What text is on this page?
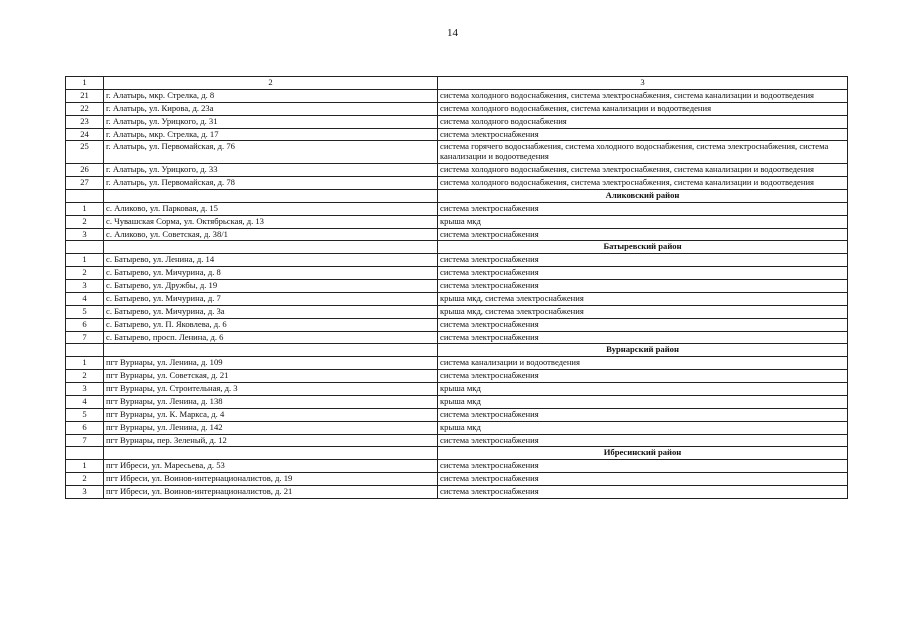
14
1	2	3
21	г. Алатырь, мкр. Стрелка, д. 8	система холодного водоснабжения, система электроснабжения, система канализации и водоотведения
22	г. Алатырь, ул. Кирова, д. 23а	система холодного водоснабжения, система канализации и водоотведения
23	г. Алатырь, ул. Урицкого, д. 31	система холодного водоснабжения
24	г. Алатырь, мкр. Стрелка, д. 17	система электроснабжения
25	г. Алатырь, ул. Первомайская, д. 76	система горячего водоснабжения, система холодного водоснабжения, система электроснабжения, система канализации и водоотведения
26	г. Алатырь, ул. Урицкого, д. 33	система холодного водоснабжения, система электроснабжения, система канализации и водоотведения
27	г. Алатырь, ул. Первомайская, д. 78	система холодного водоснабжения, система электроснабжения, система канализации и водоотведения
		Аликовский район
1	с. Аликово, ул. Парковая, д. 15	система электроснабжения
2	с. Чувашская Сорма, ул. Октябрьская, д. 13	крыша мкд
3	с. Аликово, ул. Советская, д. 38/1	система электроснабжения
		Батыревский район
1	с. Батырево, ул. Ленина, д. 14	система электроснабжения
2	с. Батырево, ул. Мичурина, д. 8	система электроснабжения
3	с. Батырево, ул. Дружбы, д. 19	система электроснабжения
4	с. Батырево, ул. Мичурина, д. 7	крыша мкд, система электроснабжения
5	с. Батырево, ул. Мичурина, д. 3а	крыша мкд, система электроснабжения
6	с. Батырево, ул. П. Яковлева, д. 6	система электроснабжения
7	с. Батырево, просп. Ленина, д. 6	система электроснабжения
		Вурнарский район
1	пгт Вурнары, ул. Ленина, д. 109	система канализации и водоотведения
2	пгт Вурнары, ул. Советская, д. 21	система электроснабжения
3	пгт Вурнары, ул. Строительная, д. 3	крыша мкд
4	пгт Вурнары, ул. Ленина, д. 138	крыша мкд
5	пгт Вурнары, ул. К. Маркса, д. 4	система электроснабжения
6	пгт Вурнары, ул. Ленина, д. 142	крыша мкд
7	пгт Вурнары, пер. Зеленый, д. 12	система электроснабжения
		Ибресинский район
1	пгт Ибреси, ул. Маресьева, д. 53	система электроснабжения
2	пгт Ибреси, ул. Воинов-интернационалистов, д. 19	система электроснабжения
3	пгт Ибреси, ул. Воинов-интернационалистов, д. 21	система электроснабжения
